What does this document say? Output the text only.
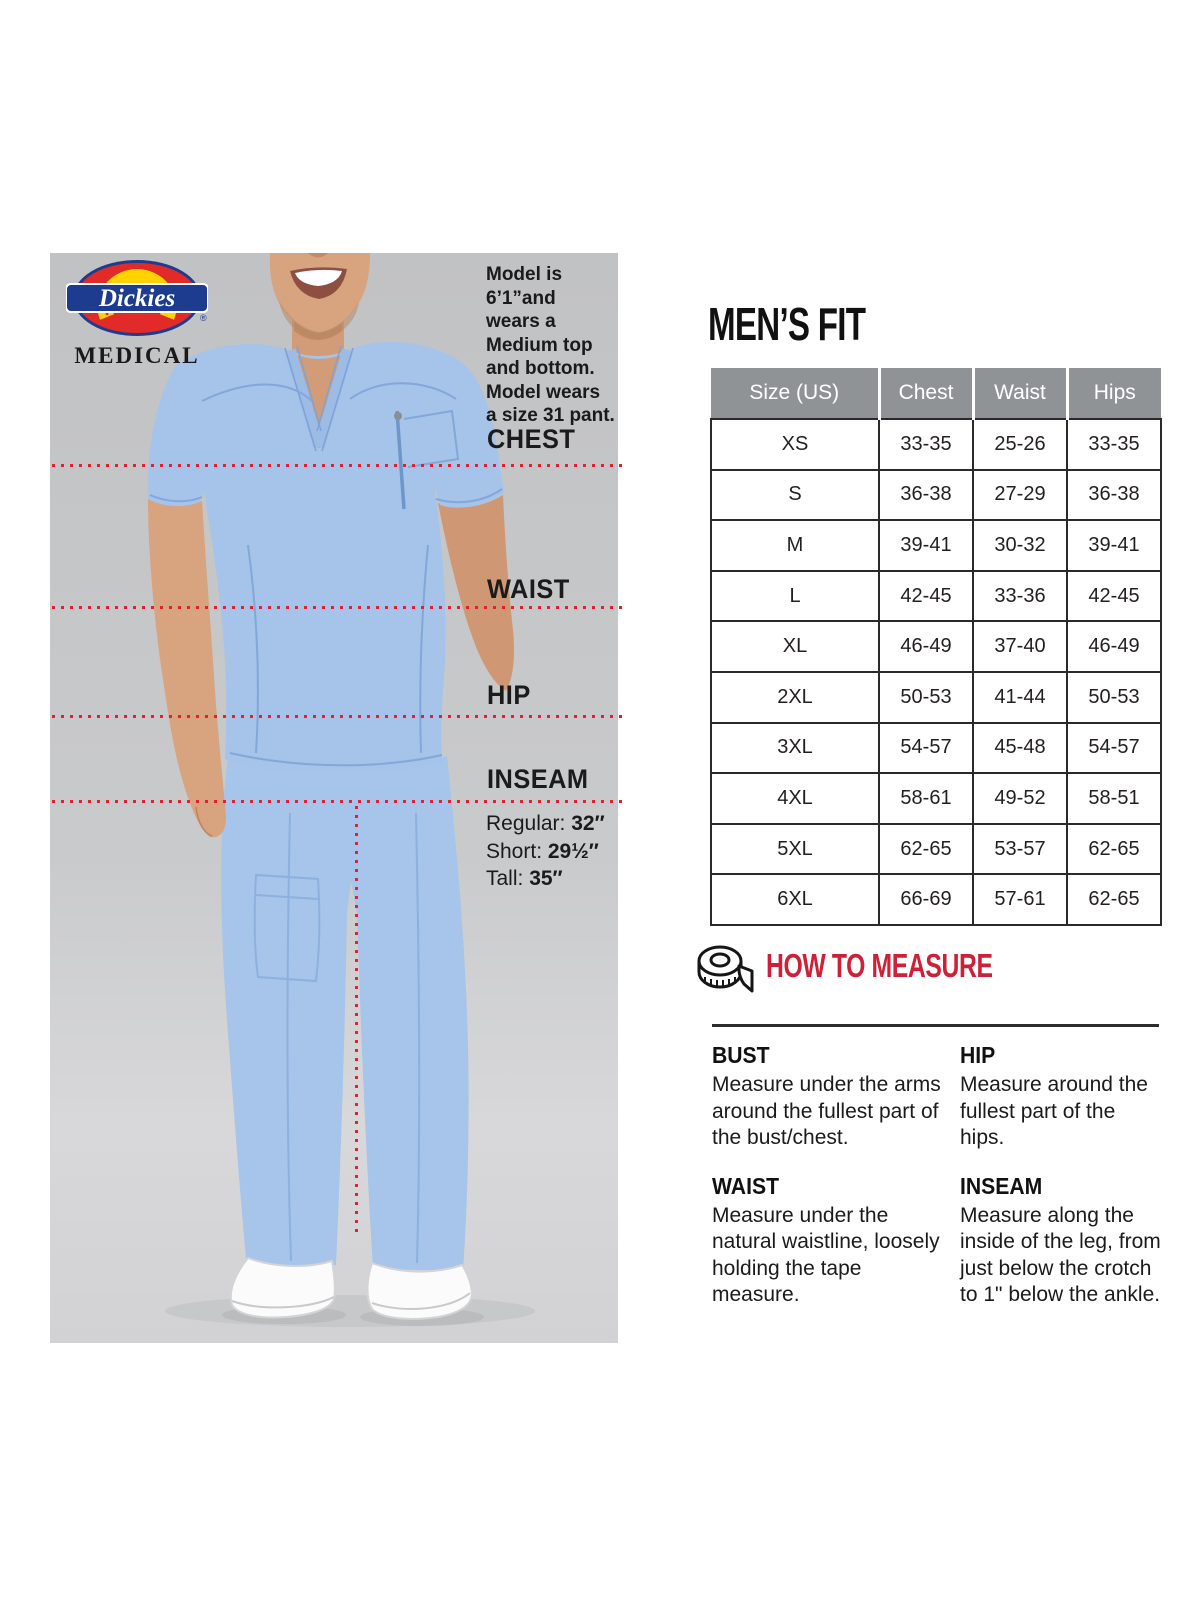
Dickies
®
MEDICAL
Model is
6’1”and
wears a
Medium top
and bottom.
Model wears
a size 31 pant.
CHEST
WAIST
HIP
INSEAM
Regular: 32″
Short: 29½″
Tall: 35″
MEN’S FIT
Size (US)	Chest	Waist	Hips
XS	33-35	25-26	33-35
S	36-38	27-29	36-38
M	39-41	30-32	39-41
L	42-45	33-36	42-45
XL	46-49	37-40	46-49
2XL	50-53	41-44	50-53
3XL	54-57	45-48	54-57
4XL	58-61	49-52	58-51
5XL	62-65	53-57	62-65
6XL	66-69	57-61	62-65
HOW TO MEASURE
BUST
Measure under the arms around the fullest part of the bust/chest.
WAIST
Measure under the natural waistline, loosely holding the tape measure.
HIP
Measure around the fullest part of the hips.
INSEAM
Measure along the inside of the leg, from just below the crotch to 1" below the ankle.
